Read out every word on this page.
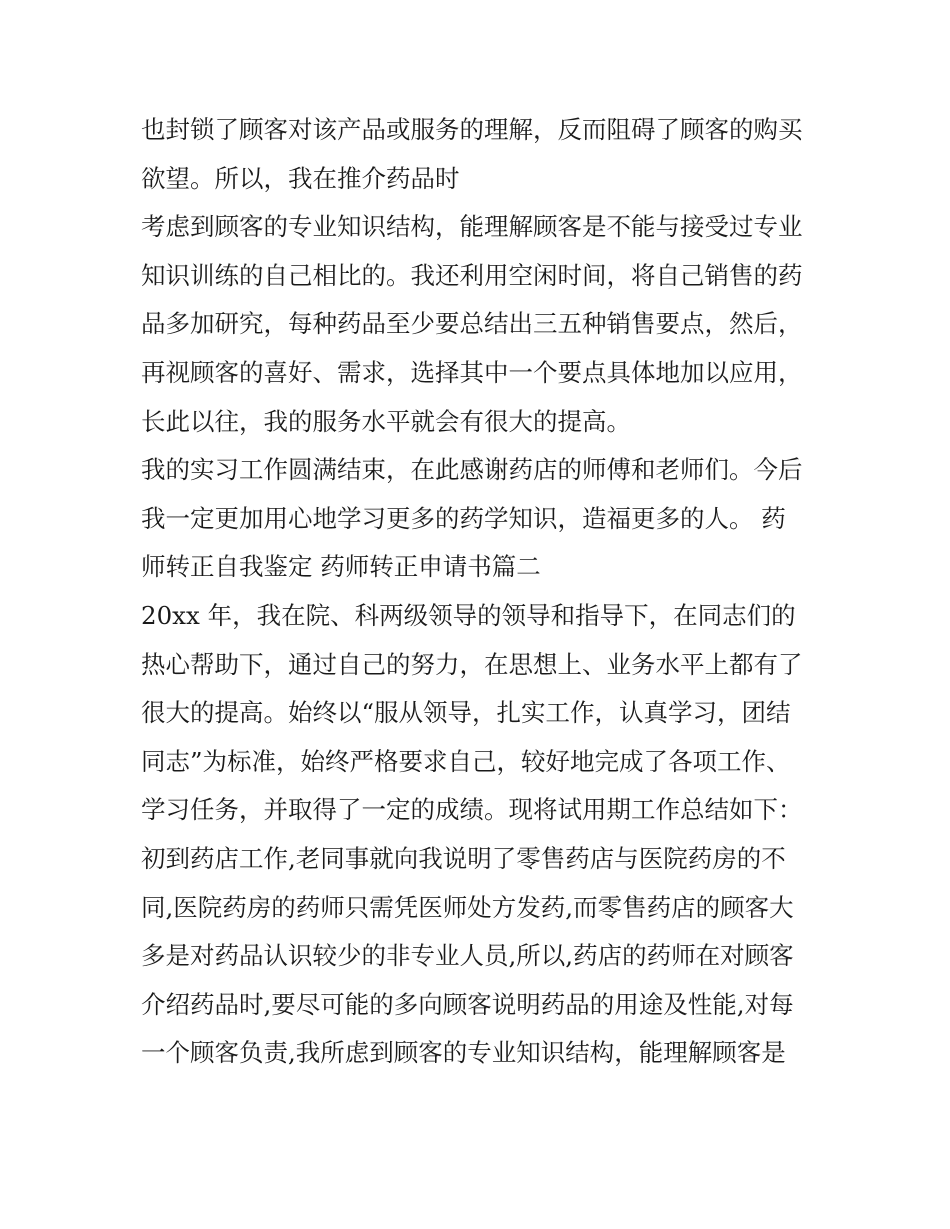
也封锁了顾客对该产品或服务的理解，反而阻碍了顾客的购买
欲望。所以，我在推介药品时
考虑到顾客的专业知识结构，能理解顾客是不能与接受过专业
知识训练的自己相比的。我还利用空闲时间，将自己销售的药
品多加研究，每种药品至少要总结出三五种销售要点，然后，
再视顾客的喜好、需求，选择其中一个要点具体地加以应用，
长此以往，我的服务水平就会有很大的提高。
我的实习工作圆满结束，在此感谢药店的师傅和老师们。今后
我一定更加用心地学习更多的药学知识，造福更多的人。 药
师转正自我鉴定 药师转正申请书篇二
20xx 年，我在院、科两级领导的领导和指导下，在同志们的
热心帮助下，通过自己的努力，在思想上、业务水平上都有了
很大的提高。始终以“服从领导，扎实工作，认真学习，团结
同志”为标准，始终严格要求自己，较好地完成了各项工作、
学习任务，并取得了一定的成绩。现将试用期工作总结如下：
初到药店工作,老同事就向我说明了零售药店与医院药房的不
同,医院药房的药师只需凭医师处方发药,而零售药店的顾客大
多是对药品认识较少的非专业人员,所以,药店的药师在对顾客
介绍药品时,要尽可能的多向顾客说明药品的用途及性能,对每
一个顾客负责,我所虑到顾客的专业知识结构，能理解顾客是
